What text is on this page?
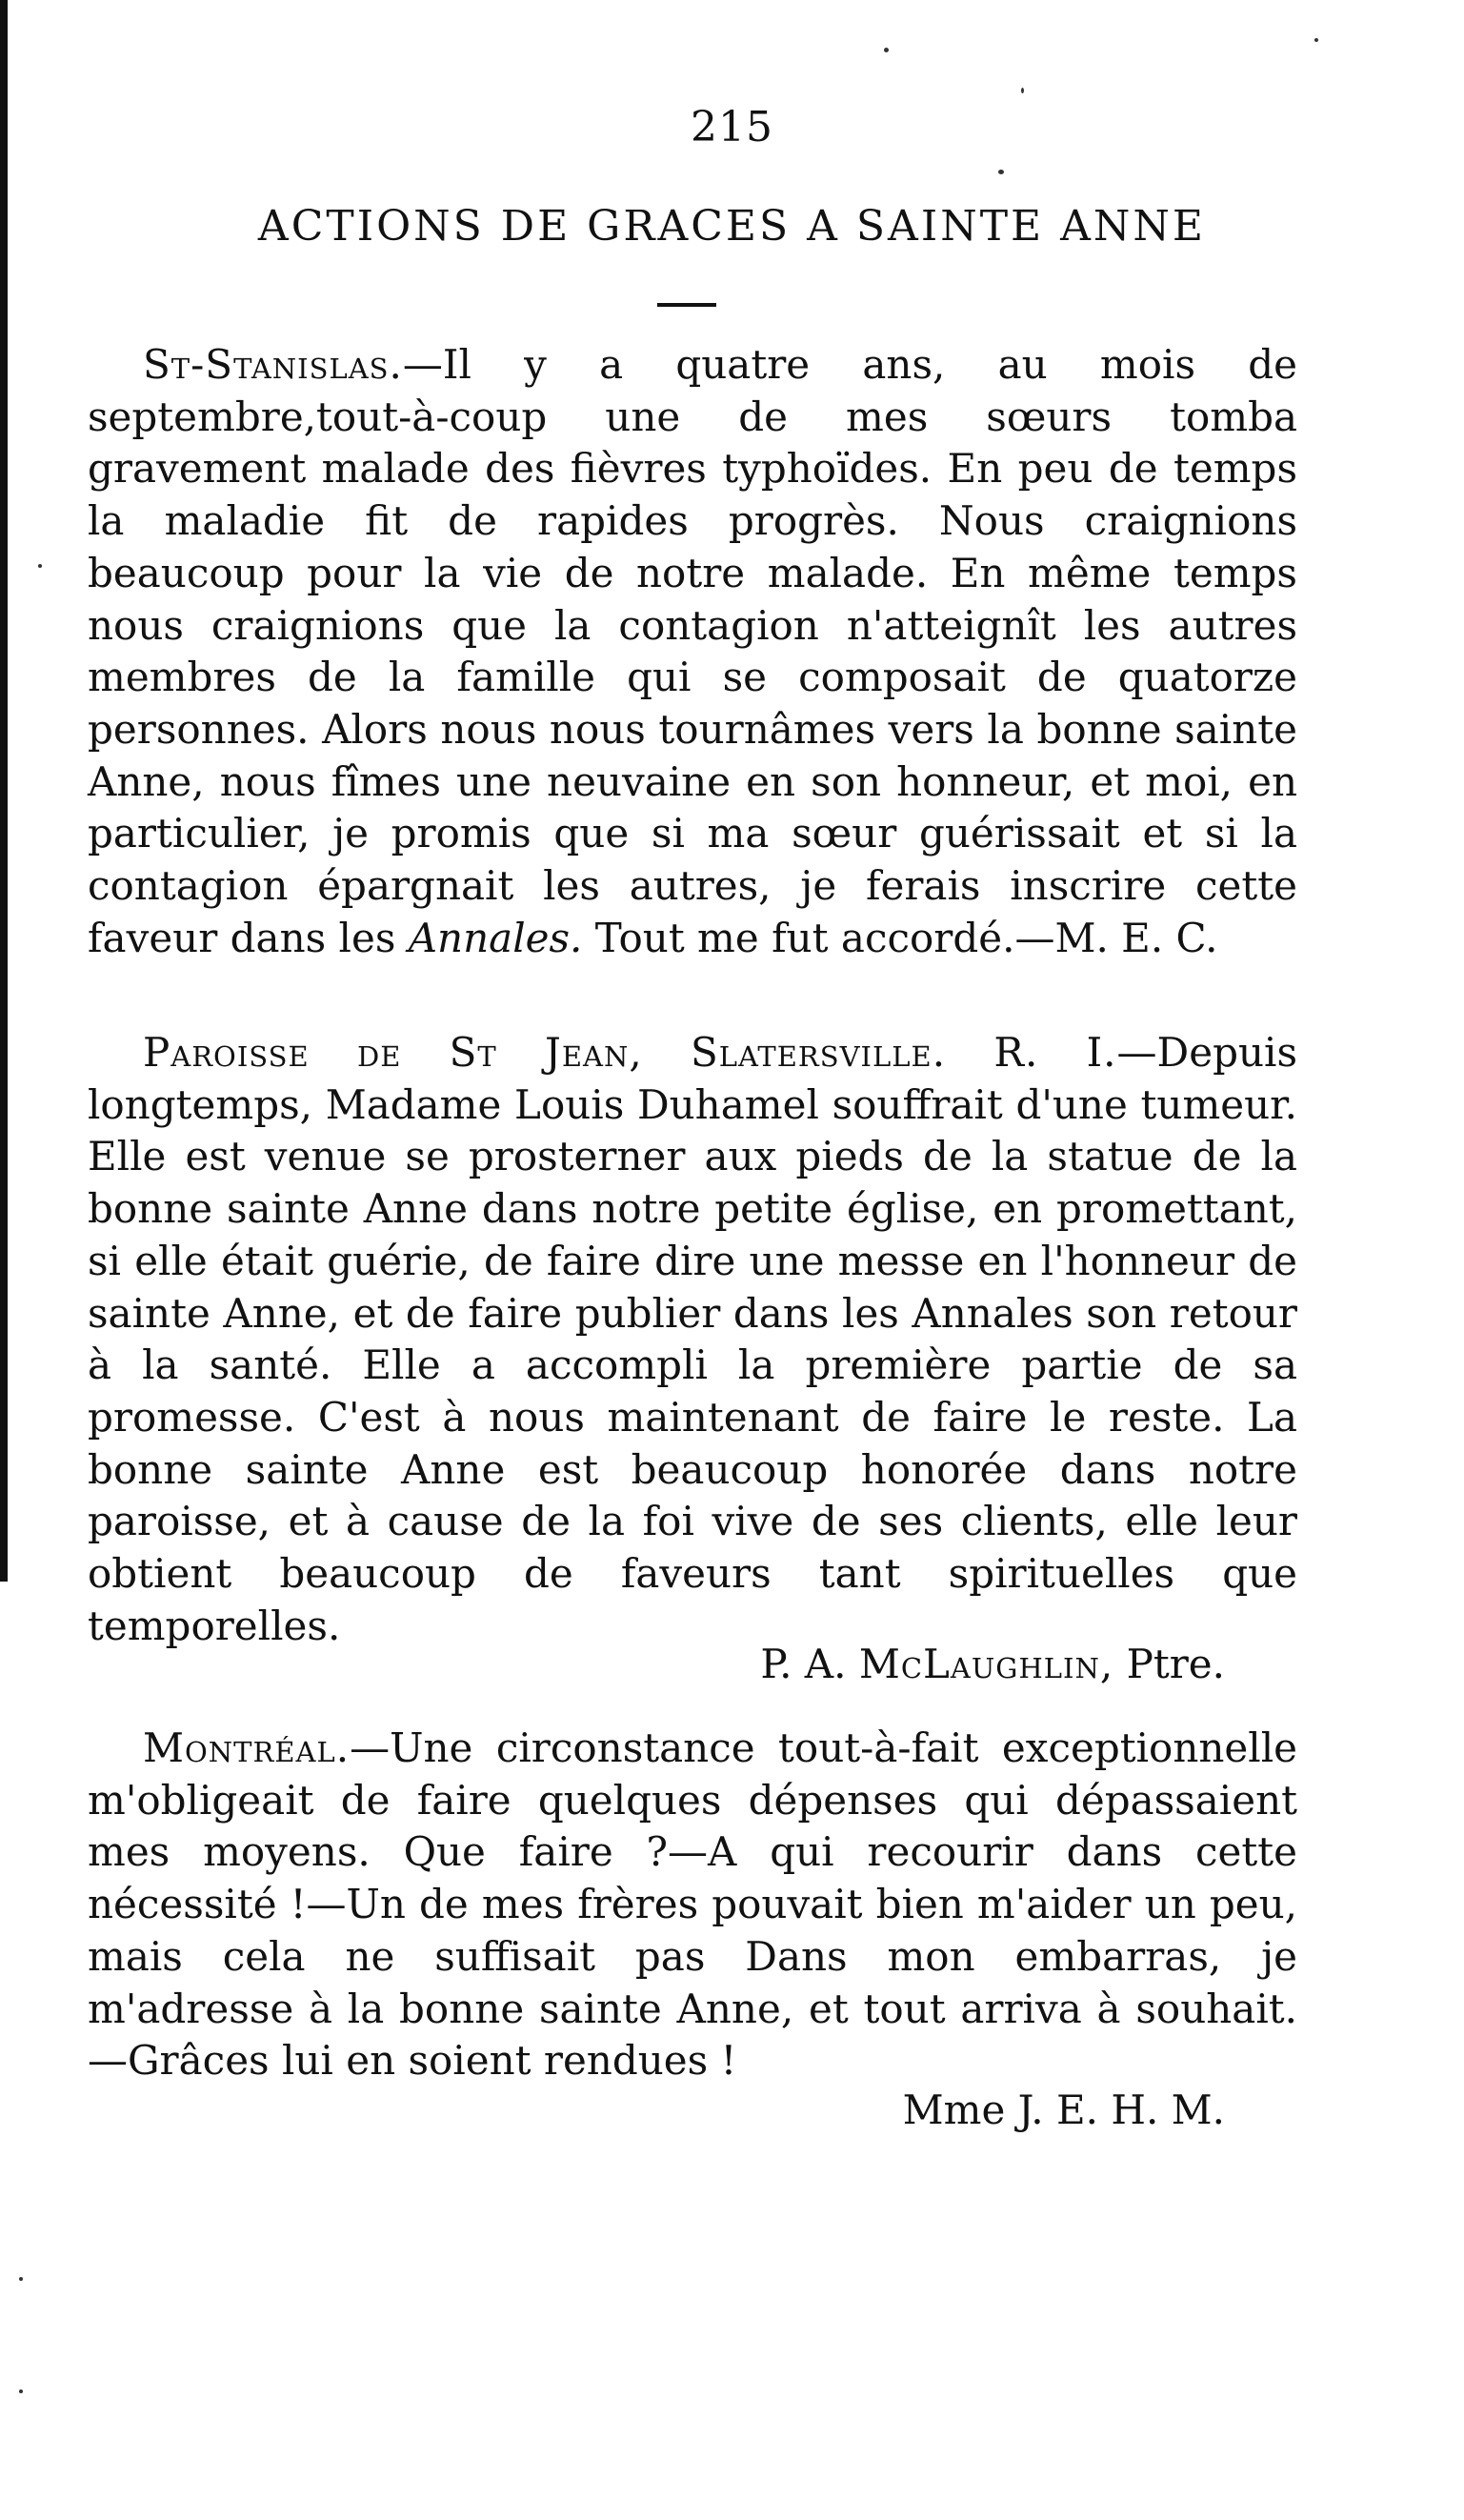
215
ACTIONS DE GRACES A SAINTE ANNE
St-Stanislas.—Il y a quatre ans, au mois de septembre,tout-à-coup une de mes sœurs tomba gravement malade des fièvres typhoïdes. En peu de temps la maladie fit de rapides progrès. Nous craignions beaucoup pour la vie de notre malade. En même temps nous craignions que la contagion n'atteignît les autres membres de la famille qui se composait de quatorze personnes. Alors nous nous tournâmes vers la bonne sainte Anne, nous fîmes une neuvaine en son honneur, et moi, en particulier, je promis que si ma sœur guérissait et si la contagion épargnait les autres, je ferais inscrire cette faveur dans les Annales. Tout me fut accordé.—M. E. C.
Paroisse de St Jean, Slatersville. R. I.—Depuis longtemps, Madame Louis Duhamel souffrait d'une tumeur. Elle est venue se prosterner aux pieds de la statue de la bonne sainte Anne dans notre petite église, en promettant, si elle était guérie, de faire dire une messe en l'honneur de sainte Anne, et de faire publier dans les Annales son retour à la santé. Elle a accompli la première partie de sa promesse. C'est à nous maintenant de faire le reste. La bonne sainte Anne est beaucoup honorée dans notre paroisse, et à cause de la foi vive de ses clients, elle leur obtient beaucoup de faveurs tant spirituelles que temporelles.
P. A. McLaughlin, Ptre.
Montréal.—Une circonstance tout-à-fait exceptionnelle m'obligeait de faire quelques dépenses qui dépassaient mes moyens. Que faire ?—A qui recourir dans cette nécessité !—Un de mes frères pouvait bien m'aider un peu, mais cela ne suffisait pas Dans mon embarras, je m'adresse à la bonne sainte Anne, et tout arriva à souhait.—Grâces lui en soient rendues !
Mme J. E. H. M.
